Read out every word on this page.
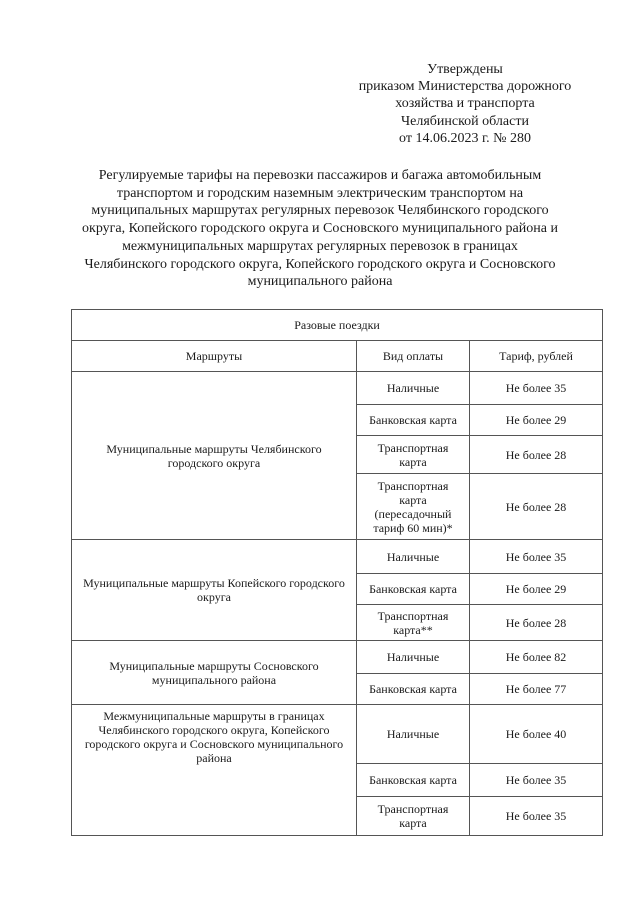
Утверждены
приказом Министерства дорожного
хозяйства и транспорта
Челябинской области
от 14.06.2023 г. № 280
Регулируемые тарифы на перевозки пассажиров и багажа автомобильным
транспортом и городским наземным электрическим транспортом на
муниципальных маршрутах регулярных перевозок Челябинского городского
округа, Копейского городского округа и Сосновского муниципального района и
межмуниципальных маршрутах регулярных перевозок в границах
Челябинского городского округа, Копейского городского округа и Сосновского
муниципального района
Разовые поездки		
Маршруты	Вид оплаты	Тариф, рублей

Муниципальные маршруты Челябинского
городского округа	Наличные	Не более 35

	Банковская карта	Не более 29

	Транспортная
карта	Не более 28

	Транспортная
карта
(пересадочный
тариф 60 мин)*	Не более 28

Муниципальные маршруты Копейского городского
округа	Наличные	Не более 35

	Банковская карта	Не более 29

	Транспортная
карта**	Не более 28

Муниципальные маршруты Сосновского
муниципального района	Наличные	Не более 82

	Банковская карта	Не более 77

Межмуниципальные маршруты в границах
Челябинского городского округа, Копейского
городского округа и Сосновского муниципального
района	Наличные	Не более 40

	Банковская карта	Не более 35

	Транспортная
карта	Не более 35
